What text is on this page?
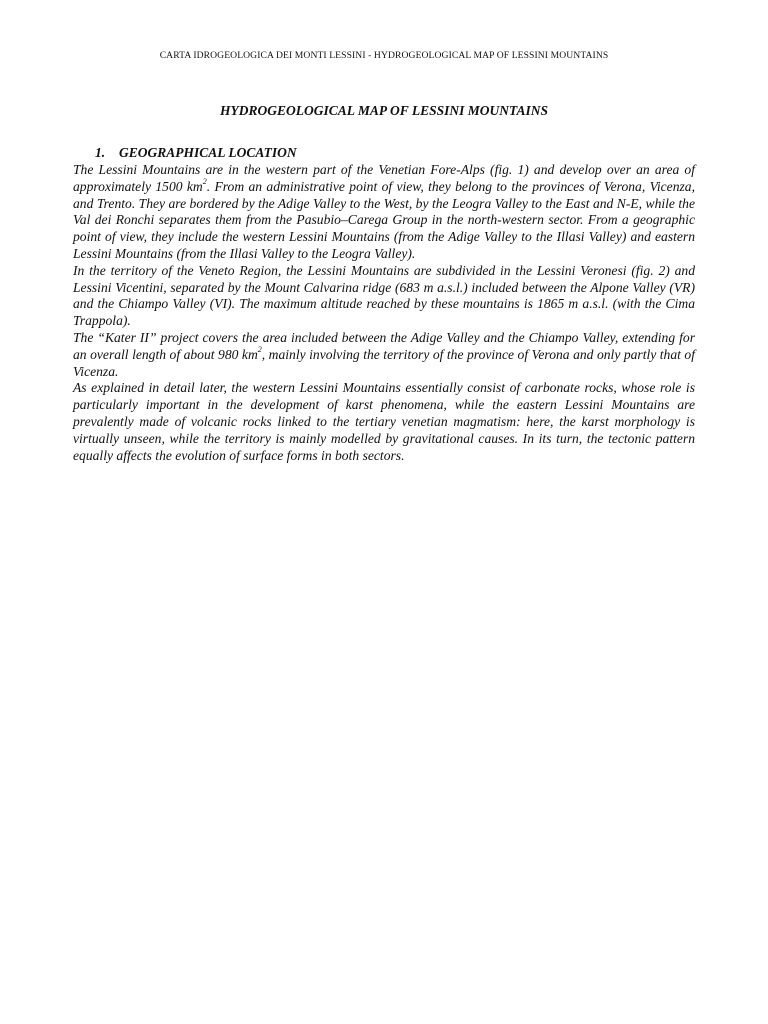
CARTA IDROGEOLOGICA DEI MONTI LESSINI - HYDROGEOLOGICAL MAP OF LESSINI MOUNTAINS
HYDROGEOLOGICAL MAP OF LESSINI MOUNTAINS
1. GEOGRAPHICAL LOCATION

The Lessini Mountains are in the western part of the Venetian Fore-Alps (fig. 1) and develop over an area of approximately 1500 $km^2$. From an administrative point of view, they belong to the provinces of Verona, Vicenza, and Trento. They are bordered by the Adige Valley to the West, by the Leogra Valley to the East and N-E, while the Val dei Ronchi separates them from the Pasubio–Carega Group in the north-western sector. From a geographic point of view, they include the western Lessini Mountains (from the Adige Valley to the Illasi Valley) and eastern Lessini Mountains (from the Illasi Valley to the Leogra Valley).

In the territory of the Veneto Region, the Lessini Mountains are subdivided in the Lessini Veronesi (fig. 2) and Lessini Vicentini, separated by the Mount Calvarina ridge (683 m a.s.l.) included between the Alpone Valley (VR) and the Chiampo Valley (VI). The maximum altitude reached by these mountains is 1865 m a.s.l. (with the Cima Trappola).

The “Kater II” project covers the area included between the Adige Valley and the Chiampo Valley, extending for an overall length of about 980 $km^2$, mainly involving the territory of the province of Verona and only partly that of Vicenza.

As explained in detail later, the western Lessini Mountains essentially consist of carbonate rocks, whose role is particularly important in the development of karst phenomena, while the eastern Lessini Mountains are prevalently made of volcanic rocks linked to the tertiary venetian magmatism: here, the karst morphology is virtually unseen, while the territory is mainly modelled by gravitational causes. In its turn, the tectonic pattern equally affects the evolution of surface forms in both sectors.
